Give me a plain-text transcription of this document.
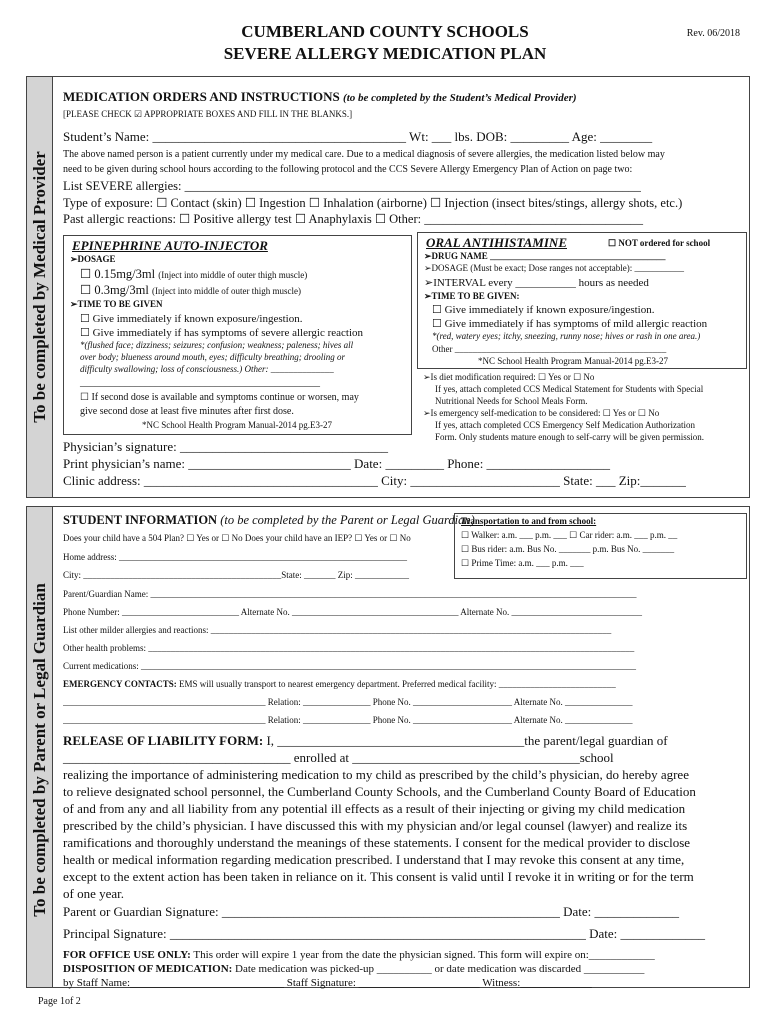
CUMBERLAND COUNTY SCHOOLS
SEVERE ALLERGY MEDICATION PLAN
Rev. 06/2018
To be completed by Medical Provider
MEDICATION ORDERS AND INSTRUCTIONS (to be completed by the Student’s Medical Provider)
[PLEASE CHECK ☑ APPROPRIATE BOXES AND FILL IN THE BLANKS.]
Student’s Name: _______________________________________ Wt: ___ lbs. DOB: _________ Age: ________
The above named person is a patient currently under my medical care. Due to a medical diagnosis of severe allergies, the medication listed below may
need to be given during school hours according to the following protocol and the CCS Severe Allergy Emergency Plan of Action on page two:
List SEVERE allergies: _________________________________________________________________________
Type of exposure: ☐ Contact (skin) ☐ Ingestion ☐ Inhalation (airborne) ☐ Injection (insect bites/stings, allergy shots, etc.)
Past allergic reactions: ☐ Positive allergy test ☐ Anaphylaxis ☐ Other: ___________________________________
EPINEPHRINE AUTO-INJECTOR
➢DOSAGE
☐ 0.15mg/3ml (Inject into middle of outer thigh muscle)
☐ 0.3mg/3ml (Inject into middle of outer thigh muscle)
➢TIME TO BE GIVEN
☐ Give immediately if known exposure/ingestion.
☐ Give immediately if has symptoms of severe allergic reaction
*(flushed face; dizziness; seizures; confusion; weakness; paleness; hives all
over body; blueness around mouth, eyes; difficulty breathing; drooling or
difficulty swallowing; loss of consciousness.) Other: ______________
________________________________________________
☐ If second dose is available and symptoms continue or worsen, may
give second dose at least five minutes after first dose.
*NC School Health Program Manual-2014 pg.E3-27
ORAL ANTIHISTAMINE	☐ NOT ordered for school
➢DRUG NAME _______________________________________
➢DOSAGE (Must be exact; Dose ranges not acceptable): ___________
➢INTERVAL every ___________ hours as needed
➢TIME TO BE GIVEN:
☐ Give immediately if known exposure/ingestion.
☐ Give immediately if has symptoms of mild allergic reaction
*(red, watery eyes; itchy, sneezing, runny nose; hives or rash in one area.)
Other _______________________________________________
*NC School Health Program Manual-2014 pg.E3-27
➢Is diet modification required: ☐ Yes or ☐ No
If yes, attach completed CCS Medical Statement for Students with Special
Nutritional Needs for School Meals Form.
➢Is emergency self-medication to be considered: ☐ Yes or ☐ No
If yes, attach completed CCS Emergency Self Medication Authorization
Form. Only students mature enough to self-carry will be given permission.
Physician’s signature: ________________________________
Print physician’s name: _________________________ Date: _________ Phone: ___________________
Clinic address: ____________________________________ City: _______________________ State: ___ Zip:_______
To be completed by Parent or Legal Guardian
STUDENT INFORMATION (to be completed by the Parent or Legal Guardian)
Does your child have a 504 Plan? ☐ Yes or ☐ No Does your child have an IEP? ☐ Yes or ☐ No
Home address: ________________________________________________________________
City: ____________________________________________State: _______ Zip: ____________
Transportation to and from school:
☐ Walker: a.m. ___ p.m. ___ ☐ Car rider: a.m. ___ p.m. __
☐ Bus rider: a.m. Bus No. _______ p.m. Bus No. _______
☐ Prime Time: a.m. ___ p.m. ___
Parent/Guardian Name: ____________________________________________________________________________________________________________
Phone Number: __________________________ Alternate No. _____________________________________ Alternate No. _____________________________
List other milder allergies and reactions: _________________________________________________________________________________________
Other health problems: ____________________________________________________________________________________________________________
Current medications: ______________________________________________________________________________________________________________
EMERGENCY CONTACTS: EMS will usually transport to nearest emergency department. Preferred medical facility: __________________________
_____________________________________________ Relation: _______________ Phone No. ______________________ Alternate No. _______________
_____________________________________________ Relation: _______________ Phone No. ______________________ Alternate No. _______________
RELEASE OF LIABILITY FORM: I, ______________________________________the parent/legal guardian of
___________________________________ enrolled at ___________________________________school
realizing the importance of administering medication to my child as prescribed by the child’s physician, do hereby agree
to relieve designated school personnel, the Cumberland County Schools, and the Cumberland County Board of Education
of and from any and all liability from any potential ill effects as a result of their injecting or giving my child medication
prescribed by the child’s physician. I have discussed this with my physician and/or legal counsel (lawyer) and realize its
ramifications and thoroughly understand the meanings of these statements. I consent for the medical provider to disclose
health or medical information regarding medication prescribed. I understand that I may revoke this consent at any time,
except to the extent action has been taken in reliance on it. This consent is valid until I revoke it in writing or for the term
of one year.
Parent or Guardian Signature: ____________________________________________________ Date: _____________
Principal Signature: ________________________________________________________________ Date: _____________
FOR OFFICE USE ONLY: This order will expire 1 year from the date the physician signed. This form will expire on:____________
DISPOSITION OF MEDICATION: Date medication was picked-up __________ or date medication was discarded ___________
by Staff Name:____________________________ Staff Signature: ______________________ Witness:_____________
Page 1of 2
